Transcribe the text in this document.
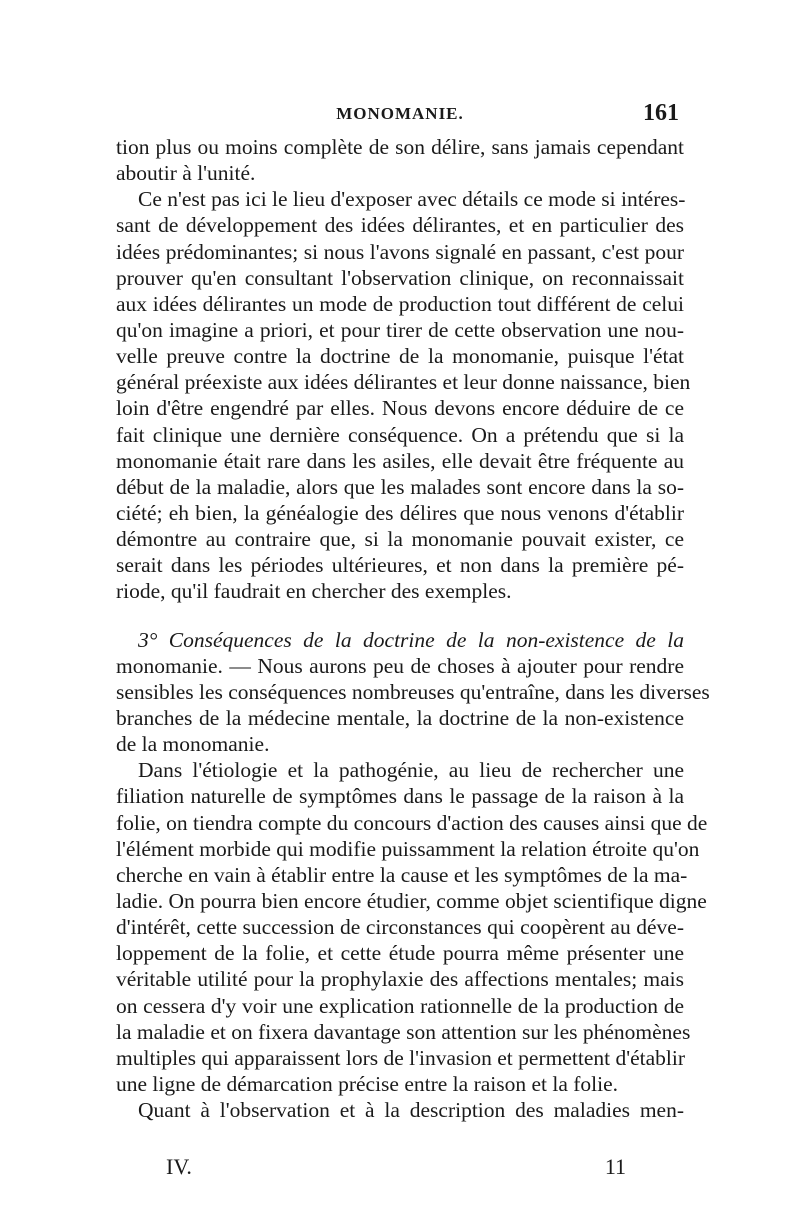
MONOMANIE.	161
tion plus ou moins complète de son délire, sans jamais cependant
aboutir à l'unité.
Ce n'est pas ici le lieu d'exposer avec détails ce mode si intéres-
sant de développement des idées délirantes, et en particulier des
idées prédominantes; si nous l'avons signalé en passant, c'est pour
prouver qu'en consultant l'observation clinique, on reconnaissait
aux idées délirantes un mode de production tout différent de celui
qu'on imagine a priori, et pour tirer de cette observation une nou-
velle preuve contre la doctrine de la monomanie, puisque l'état
général préexiste aux idées délirantes et leur donne naissance, bien
loin d'être engendré par elles. Nous devons encore déduire de ce
fait clinique une dernière conséquence. On a prétendu que si la
monomanie était rare dans les asiles, elle devait être fréquente au
début de la maladie, alors que les malades sont encore dans la so-
ciété; eh bien, la généalogie des délires que nous venons d'établir
démontre au contraire que, si la monomanie pouvait exister, ce
serait dans les périodes ultérieures, et non dans la première pé-
riode, qu'il faudrait en chercher des exemples.
3° Conséquences de la doctrine de la non-existence de la
monomanie. — Nous aurons peu de choses à ajouter pour rendre
sensibles les conséquences nombreuses qu'entraîne, dans les diverses
branches de la médecine mentale, la doctrine de la non-existence
de la monomanie.
Dans l'étiologie et la pathogénie, au lieu de rechercher une
filiation naturelle de symptômes dans le passage de la raison à la
folie, on tiendra compte du concours d'action des causes ainsi que de
l'élément morbide qui modifie puissamment la relation étroite qu'on
cherche en vain à établir entre la cause et les symptômes de la ma-
ladie. On pourra bien encore étudier, comme objet scientifique digne
d'intérêt, cette succession de circonstances qui coopèrent au déve-
loppement de la folie, et cette étude pourra même présenter une
véritable utilité pour la prophylaxie des affections mentales; mais
on cessera d'y voir une explication rationnelle de la production de
la maladie et on fixera davantage son attention sur les phénomènes
multiples qui apparaissent lors de l'invasion et permettent d'établir
une ligne de démarcation précise entre la raison et la folie.
Quant à l'observation et à la description des maladies men-
IV.	11
